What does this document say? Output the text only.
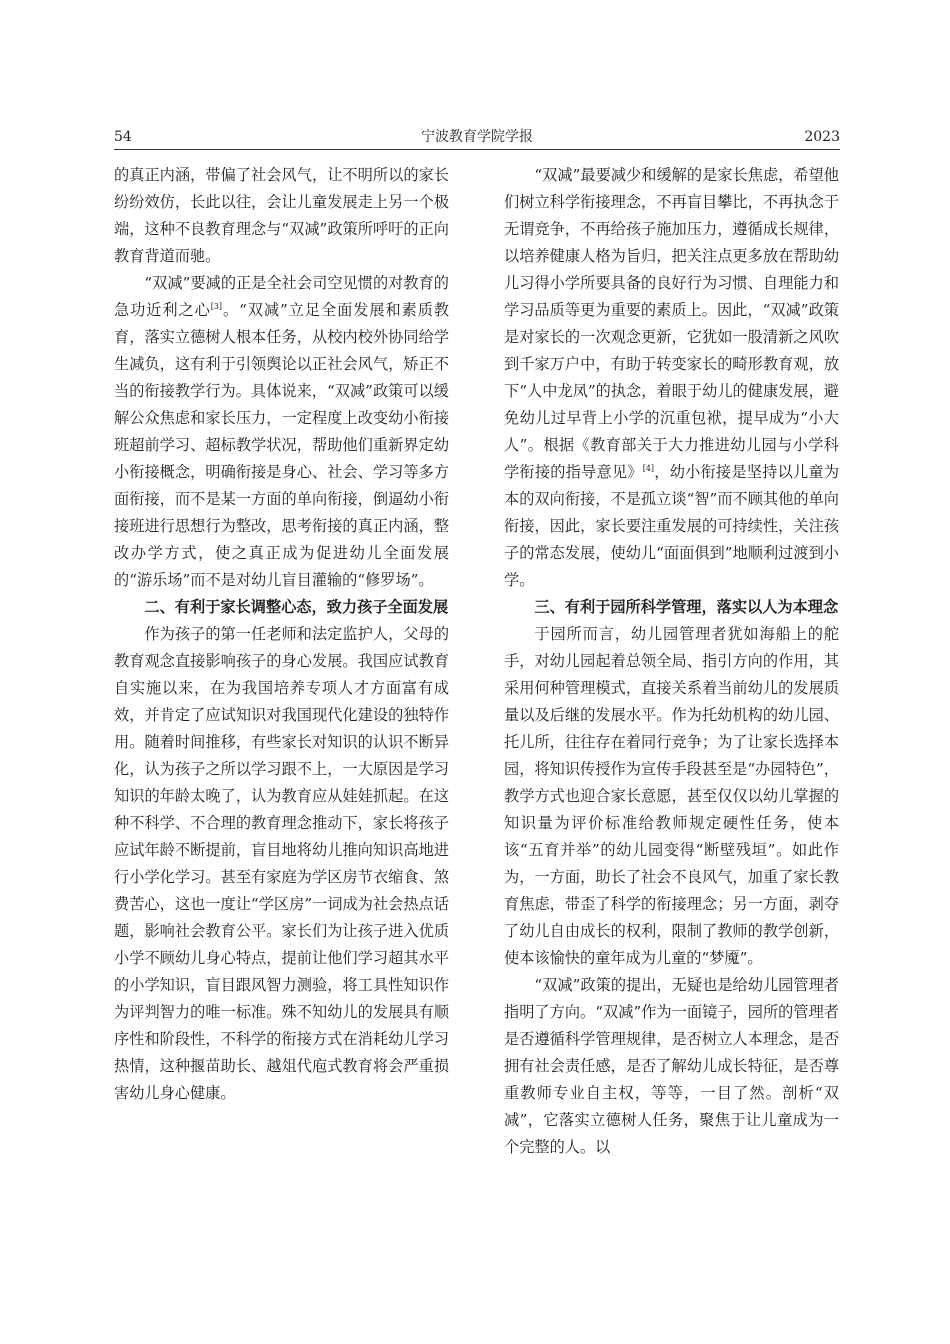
54	宁波教育学院学报	2023

的真正内涵，带偏了社会风气，让不明所以的家长纷纷效仿，长此以往，会让儿童发展走上另一个极端，这种不良教育理念与“双减”政策所呼吁的正向教育背道而驰。

“双减”要减的正是全社会司空见惯的对教育的急功近利之心[3]。“双减”立足全面发展和素质教育，落实立德树人根本任务，从校内校外协同给学生减负，这有利于引领舆论以正社会风气，矫正不当的衔接教学行为。具体说来，“双减”政策可以缓解公众焦虑和家长压力，一定程度上改变幼小衔接班超前学习、超标教学状况，帮助他们重新界定幼小衔接概念，明确衔接是身心、社会、学习等多方面衔接，而不是某一方面的单向衔接，倒逼幼小衔接班进行思想行为整改，思考衔接的真正内涵，整改办学方式，使之真正成为促进幼儿全面发展的“游乐场”而不是对幼儿盲目灌输的“修罗场”。

二、有利于家长调整心态，致力孩子全面发展

作为孩子的第一任老师和法定监护人，父母的教育观念直接影响孩子的身心发展。我国应试教育自实施以来，在为我国培养专项人才方面富有成效，并肯定了应试知识对我国现代化建设的独特作用。随着时间推移，有些家长对知识的认识不断异化，认为孩子之所以学习跟不上，一大原因是学习知识的年龄太晚了，认为教育应从娃娃抓起。在这种不科学、不合理的教育理念推动下，家长将孩子应试年龄不断提前，盲目地将幼儿推向知识高地进行小学化学习。甚至有家庭为学区房节衣缩食、煞费苦心，这也一度让“学区房”一词成为社会热点话题，影响社会教育公平。家长们为让孩子进入优质小学不顾幼儿身心特点，提前让他们学习超其水平的小学知识，盲目跟风智力测验，将工具性知识作为评判智力的唯一标准。殊不知幼儿的发展具有顺序性和阶段性，不科学的衔接方式在消耗幼儿学习热情，这种揠苗助长、越俎代庖式教育将会严重损害幼儿身心健康。

“双减”最要减少和缓解的是家长焦虑，希望他们树立科学衔接理念，不再盲目攀比，不再执念于无谓竞争，不再给孩子施加压力，遵循成长规律，以培养健康人格为旨归，把关注点更多放在帮助幼儿习得小学所要具备的良好行为习惯、自理能力和学习品质等更为重要的素质上。因此，“双减”政策是对家长的一次观念更新，它犹如一股清新之风吹到千家万户中，有助于转变家长的畸形教育观，放下“人中龙凤”的执念，着眼于幼儿的健康发展，避免幼儿过早背上小学的沉重包袱，提早成为“小大人”。根据《教育部关于大力推进幼儿园与小学科学衔接的指导意见》[4]，幼小衔接是坚持以儿童为本的双向衔接，不是孤立谈“智”而不顾其他的单向衔接，因此，家长要注重发展的可持续性，关注孩子的常态发展，使幼儿“面面俱到”地顺利过渡到小学。

三、有利于园所科学管理，落实以人为本理念

于园所而言，幼儿园管理者犹如海船上的舵手，对幼儿园起着总领全局、指引方向的作用，其采用何种管理模式，直接关系着当前幼儿的发展质量以及后继的发展水平。作为托幼机构的幼儿园、托儿所，往往存在着同行竞争；为了让家长选择本园，将知识传授作为宣传手段甚至是“办园特色”，教学方式也迎合家长意愿，甚至仅仅以幼儿掌握的知识量为评价标准给教师规定硬性任务，使本该“五育并举”的幼儿园变得“断壁残垣”。如此作为，一方面，助长了社会不良风气，加重了家长教育焦虑，带歪了科学的衔接理念；另一方面，剥夺了幼儿自由成长的权利，限制了教师的教学创新，使本该愉快的童年成为儿童的“梦魇”。

“双减”政策的提出，无疑也是给幼儿园管理者指明了方向。“双减”作为一面镜子，园所的管理者是否遵循科学管理规律，是否树立人本理念，是否拥有社会责任感，是否了解幼儿成长特征，是否尊重教师专业自主权，等等，一目了然。剖析“双减”，它落实立德树人任务，聚焦于让儿童成为一个完整的人。以
